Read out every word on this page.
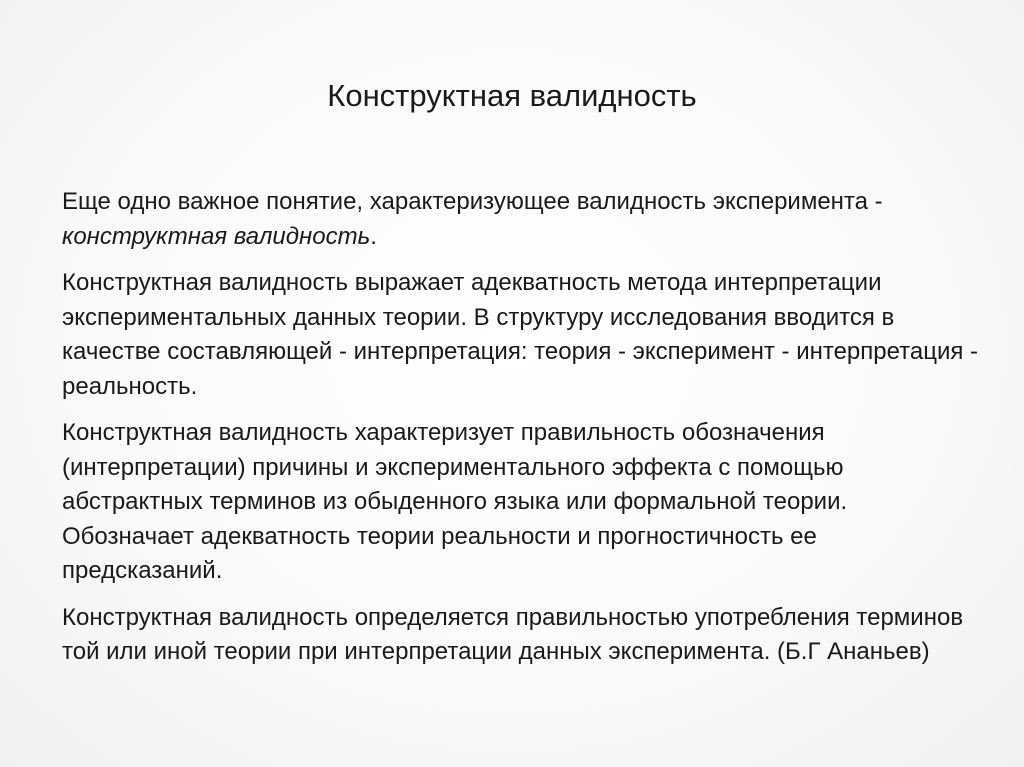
Конструктная валидность

Еще одно важное понятие, характеризующее валидность эксперимента - конструктная валидность.

Конструктная валидность выражает адекватность метода интерпретации экспериментальных данных теории. В структуру исследования вводится в качестве составляющей - интерпретация: теория - эксперимент - интерпретация - реальность.

Конструктная валидность характеризует правильность обозначения (интерпретации) причины и экспериментального эффекта с помощью абстрактных терминов из обыденного языка или формальной теории.  Обозначает адекватность теории реальности и прогностичность ее предсказаний.

Конструктная валидность определяется правильностью употребления терминов той или иной теории при интерпретации данных эксперимента. (Б.Г Ананьев)
